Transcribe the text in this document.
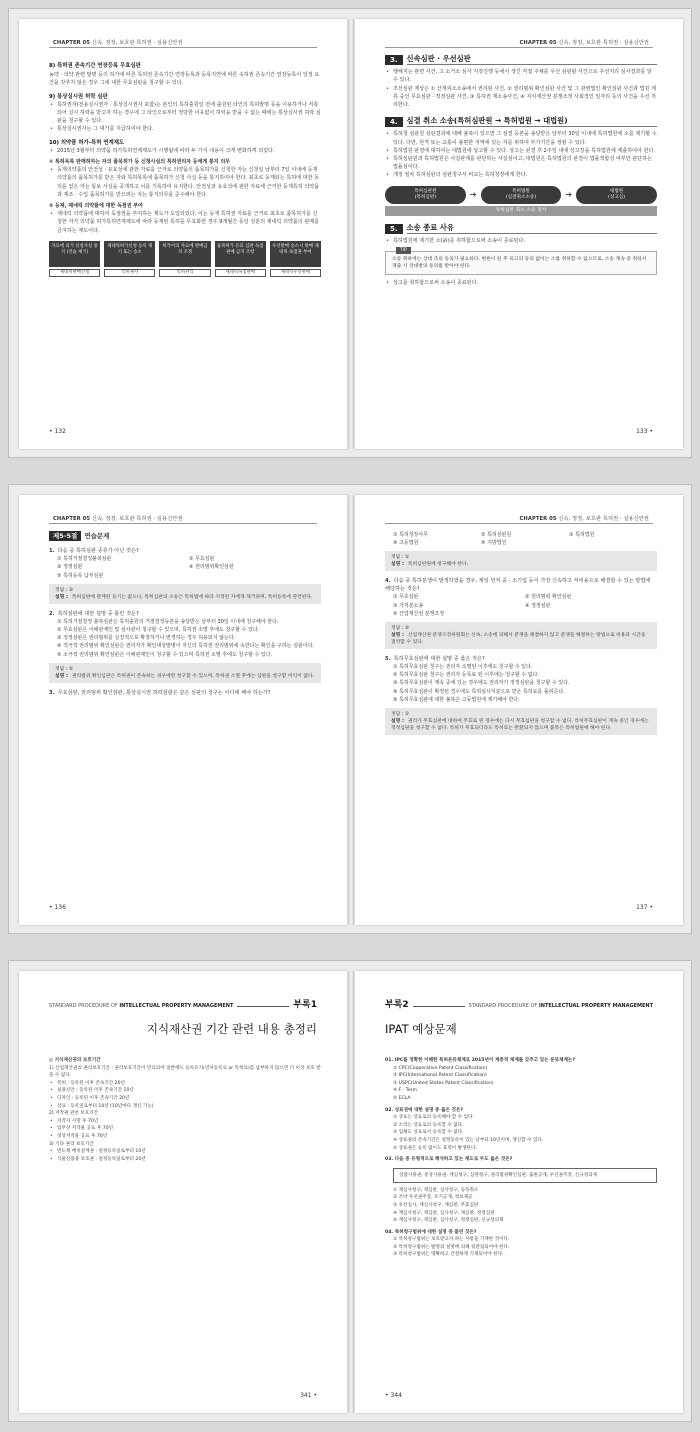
CHAPTER 05 신속, 정정, 보호관 특허권 · 실용신안권
8) 특허권 존속기간 연장등록 무효심판
농약 · 의약 관련 발명 등의 허가에 따른 특허권 존속기간 연장등록과 등록지연에 따른 속허권 존속기간 연장등록이 일정 요건을 갖추지 않은 경우 그에 대한 무효심판을 청구할 수 있다.
9) 통상실시권 허락 심판
• 특허권자(전용실시권자 · 통상실시권자 포함)는 본인의 특허출원일 전에 출원된 타인의 특허발명 등을 이용하거나 저촉되어 실시 허락을 받고자 하는 경우에 그 타인으로부터 정당한 이유없이 허락을 받을 수 없는 때에는 통상실시권 허락 심판을 청구할 수 있다.
• 통상실시권자는 그 대가를 지급하여야 한다.
10) 의약품 허가-특허 연계제도
• 2015년 3월부터 의약품 허가특허연계제도가 시행됨에 따라 두 가지 내용이 크게 변화하게 되었다.
① 특허목록 판매허하는 자의 품목허가 등 신청사실의 특허권리자 등에게 통지 의무
• 등재의약품의 안전성 · 유효성에 관한 자료를 근거로 의약품의 품목허가를 신청한 자는 신청일 날부터 7일 이내에 등재의약품의 품목허가를 받은 자와 특허목록에 품목허가 신청 사실 등을 통지하여야 한다. 최초로 등재되는 특허에 대한 동의를 얻은 자는 통보 사실을 공개하고 이를 기록하여 유지한다. 안전성과 유효성에 관한 자료에 근거한 등재특허 의약품과 제조 · 수입 품목허가를 받으려는 자는 통지의무를 준수해야 한다.
② 등재, 제네릭 의약품에 대한 독점권 부여
• 제네릭 의약품에 대하여 독점권을 부여하는 제도가 도입되었다. 이는 등재 특허권 자료를 근거로 최초로 품목허가를 신청한 자가 의약품 허가특허연계제도에 따라 등재된 특허를 무효화한 경우 9개월간 동일 성분의 제네릭 의약품의 판매를 금지하는 제도이다.
자료에 의거 신청사실 통지 (연습 제기)
제네릭판매신청
제네릭허가신청 등록 제기 또는 승소
특허권자
허가이의 자료에 판매금지 조정
특허관리
품목허가 유효 심판 독점 판매 금지 조항
제네릭독점판매
우선판매 승소시 판매 제네릭 독점권 부여
제네릭우선판매
• 132
CHAPTER 05 신속, 정정, 보호관 특허권 · 실용신안권
3.	신속심판 · 우선심판
• 행해지는 관련 사건, 고 소거소 심사 지정진행 등에서 생긴 직접 주체를 우선 심판할 사건으로 우선처리 심사결과를 알 수 있다.
• 조선심판 제상은 ① 산재피소소송에서 권리된 사건, ② 권리범위 확인심판 사건 및 그 관련법인 확인심판 사건과 법원 계류 중인 무효심판 · 정정심판 사건, ③ 특허권 재소송사건, ④ 지식재산권 분쟁조정 사회적인 일자리 등의 사건을 우선 처리한다.
4.	심결 취소 소송(특허심판원 → 특허법원 → 대법원)
• 특허청 심판원 심판결과에 대해 불복이 있으면 그 심결 등본을 송달받은 날부터 30일 이내에 특허법원에 소를 제기할 수 있다. 다만, 원격 또는 교통이 불편한 지역에 있는 자를 위하여 부가기간을 정할 수 있다.
• 특허법원 판결에 대하여는 대법원에 상고할 수 있다. 상고는 판결 후 2주일 내에 상고장을 특허법원에 제출하여야 한다.
• 특허심판원과 특허법원은 사실관계를 판단하는 사실심이고, 대법원은 특허법원의 판결이 법률적합성 여부만 판단하는 법률심이다.
• 개정 절차 특허심판의 심판청구서 비교는 특허청장에게 한다.
특허심판원
(특허심판)	➔	특허법원
(심결취소소송)	➔	대법원
(상고심)
특허심판 취소 소송 절차
5.	소송 종료 사유
• 특허법원에 제기한 소(訴)를 취하함으로써 소송이 종료된다.
TIP
소송 취하에는 상대 측의 동의가 필요하다. 변론이 된 후 피고의 동의 없이는 소를 취하할 수 없으므로, 소송 계속 중 취하서 제출 시 상대방의 동의를 받아야 한다.
• 상고를 취하함으로써 소송이 종료된다.
133 •
CHAPTER 05 신속, 정정, 보호관 특허권 · 실용신안권
제5-5절	연습문제
1. 다음 중 특허심판 종류가 아닌 것은?
① 특허거절결정불복심판	② 무효심판
③ 정정심판	④ 권리범위확인심판
⑤ 특허등록 납부심판
정답 : ⑤
설명 : 특허심판에 관계된 등기는 없으나, 특허심판의 소송은 특허법에 따라 지정된 자에게 제기하며, 특허등록에 관련된다.
2. 특허심판에 대한 설명 중 틀린 것은?
① 특허거절결정 불복심판은 특허출원의 거절결정등본을 송달받은 날부터 30일 이내에 청구해야 한다.
② 무효심판은 이해관계인 및 심사관이 청구할 수 있으며, 특허권 소멸 후에도 청구할 수 있다.
③ 정정심판은 권리범위를 실질적으로 확장하거나 변경하는 경우 허용되지 않는다.
④ 적극적 권리범위 확인심판은 권리자가 확인대상발명이 자신의 특허권 권리범위에 속한다는 확인을 구하는 심판이다.
⑤ 소극적 권리범위 확인심판은 이해관계인이 청구할 수 있으며 특허권 소멸 후에도 청구할 수 있다.
정답 : ⑤
설명 : 권리범위 확인심판은 특허권이 존속하는 경우에만 청구할 수 있으며, 특허권 소멸 후에는 심판을 청구할 이익이 없다.
3. 무효심판, 권리범위 확인심판, 통상실시권 허락심판은 같은 심판의 청구는 어디에 해야 하는가?
• 136
CHAPTER 05 신속, 정정, 보호관 특허권 · 실용신안권
① 특허청장사무	② 특허심판원	③ 특허법원
④ 고등법원	⑤ 지방법원
정답 : ②
설명 : 특허심판원에 청구해야 한다.
4. 다음 중 특허분쟁이 발생하였을 경우, 제일 먼저 중 · 소기업 등이 가장 신속하고 저비용으로 해결할 수 있는 방법에 해당하는 것은?
① 무효심판	② 권리범위 확인심판
③ 가처분소송	④ 정정심판
⑤ 산업재산권 분쟁조정
정답 : ⑤
설명 : 산업재산권 분쟁조정위원회는 신속, 소송에 의해서 분쟁을 해결하지 않고 분쟁을 해결하는 방법으로 비용과 시간을 절약할 수 있다.
5. 특허무효심판에 대한 설명 중 옳은 것은?
① 특허무효심판 청구는 권리자 소멸된 이후에도 청구할 수 있다.
② 특허무효심판 청구는 권리자 등록료 된 이후에는 청구할 수 없다.
③ 특허무효심판이 계속 중에 있는 경우에도 권리자가 정정심판을 청구할 수 있다.
④ 특허무효심판이 확정된 경우에도 특허심사처분으로 받은 특허료를 돌려준다.
⑤ 특허무효심판에 대한 불복은 고등법원에 제기해야 한다.
정답 : ①
설명 : 권리가 무효심판에 대하여 무효로 된 경우에는 다시 무효심판을 청구할 수 없다. 특허무효심판이 계속 중인 경우에는 정정심판을 청구할 수 없다. 특허가 무효되더라도 특허료는 반환되지 않으며 불복은 특허법원에 해야 한다.
137 •
STANDARD PROCEDURE OF INTELLECTUAL PROPERTY MANAGEMENT	부록1
지식재산권 기간 관련 내용 총정리
◎ 지식재산권의 보호기간
1) 산업재산권의 권리보호기간 : 권리보호기간이 만료되어 일반에도 등록유지(연차등록료 or 특허료)를 납부하지 않으면 더 이상 보호 받을 수 없다.
• 특허 : 등록된 이후 존속기간 20년
• 실용신안 : 등록된 이후 존속기간 10년
• 디자인 : 등록된 이후 존속기간 20년
• 상표 : 등록일로부터 10년 (10년마다 갱신 가능)
2) 저작권 관련 보호기간
• 저작자 사망 후 70년
• 업무상 저작물 공표 후 70년
• 영상저작물 공표 후 70년
3) 기타 권리 보호기간
• 반도체 배치설계권 : 설정등록일로부터 10년
• 식물신품종 보호권 : 설정등록일로부터 20년
341 •
부록2	STANDARD PROCEDURE OF INTELLECTUAL PROPERTY MANAGEMENT
IPAT 예상문제
01. IPC를 정확한 이해한 특허분류체계로 2015년이 계층적 체계를 갖추고 있는 분류체계는?
① CPC(Cooperative Patent Classification)
② IPC(International Patent Classification)
③ USPC(United States Patent Classification)
④ F - Term
⑤ ECLA
02. 상표권에 대한 설명 중 옳은 것은?
① 상표는 상표로의 등록해야 할 수 있다.
② 소리는 상표로의 등록할 수 없다.
③ 입체도 상표로서 등록할 수 없다.
④ 상표권의 존속기간은 설정등록이 있는 날부터 10년이며, 갱신할 수 있다.
⑤ 상표권은 등록 없이도 효력이 발생한다.
03. 다음 중 유형적으로 해석하고 있는 제도로 무도 옳은 것은?
상품사용권, 통상사용권, 재심청구, 심판청구, 권리범위확인심판, 출원공개, 우선권주장, 신규성의제
① 재심사청구, 재심판, 심사청구, 등록취소
② 조약 우선권주장, 조기공개, 정보제공
③ 우선심사, 재심사청구, 재심판, 무효심판
④ 재심사청구, 재심판, 심사청구, 재심판, 정정심판
⑤ 재심사청구, 재심판, 심사청구, 정정심판, 신규성의제
04. 특허청구범위에 대한 설명 중 틀린 것은?
① 특허청구범위는 보호받고자 하는 사항을 기재한 것이다.
② 특허청구범위는 발명의 설명에 의해 뒷받침되어야 한다.
③ 특허청구범위는 명확하고 간결하게 기재되어야 한다.
• 344
